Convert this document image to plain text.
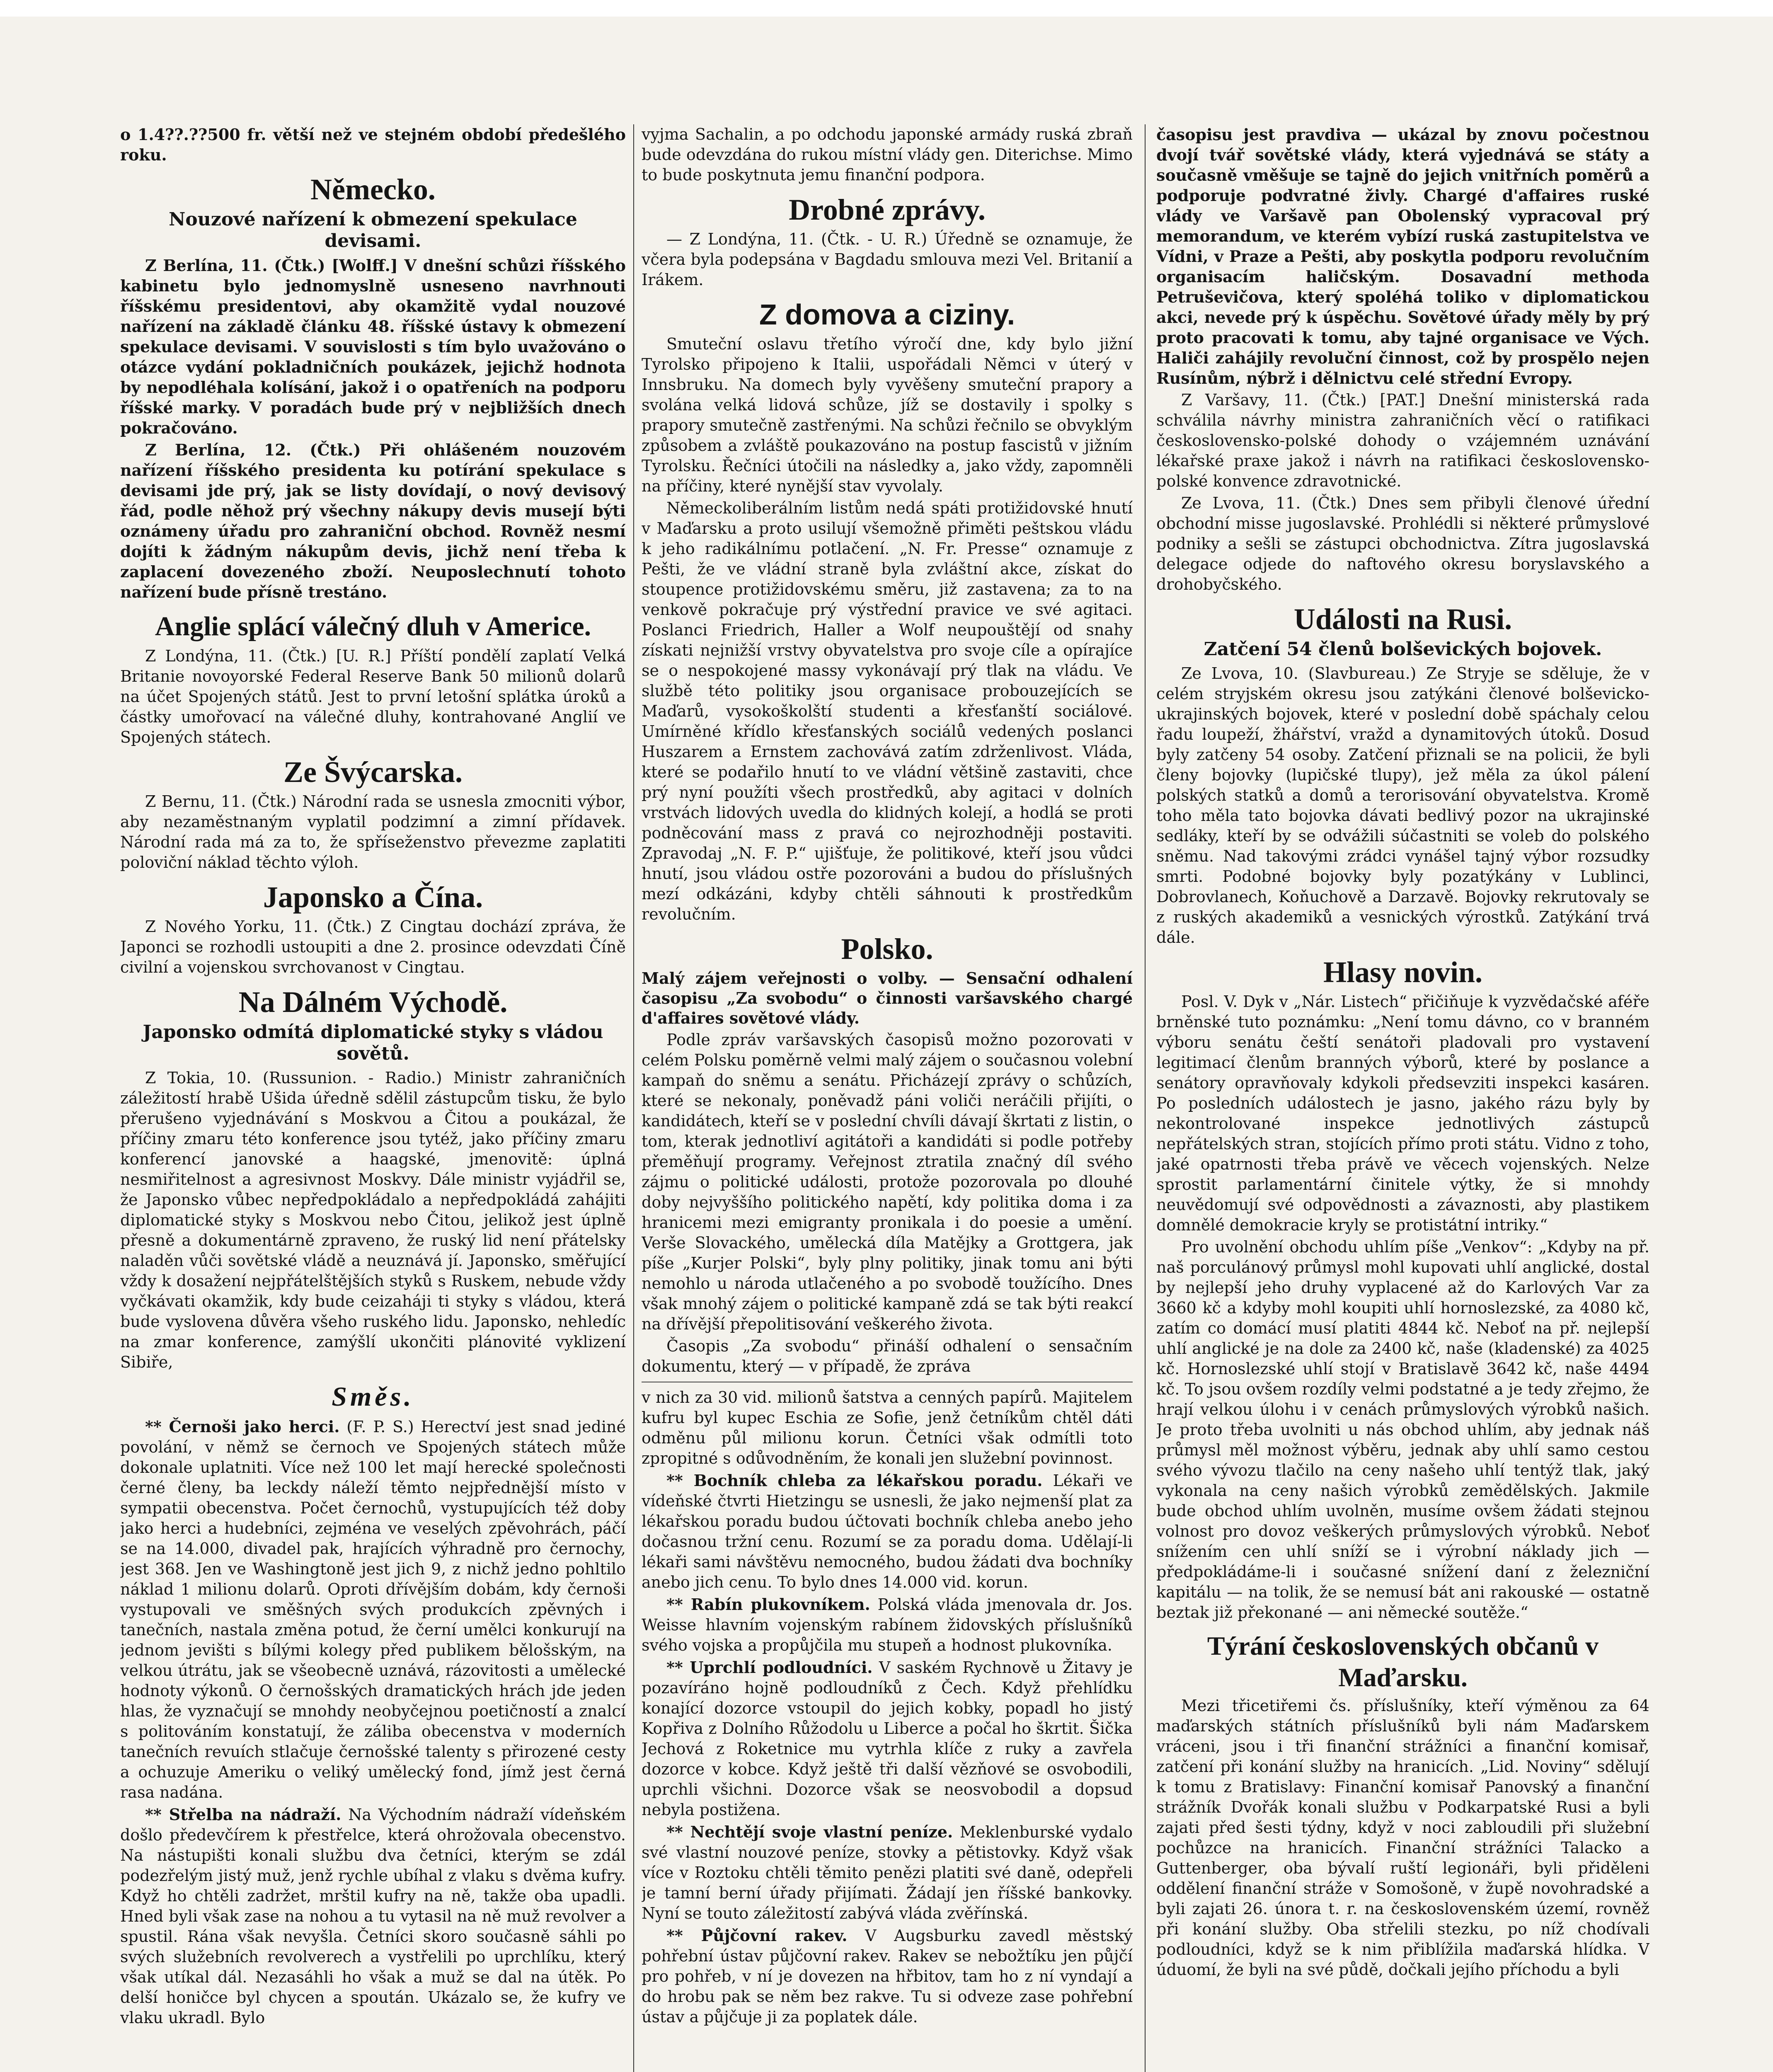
o 1.4??.??500 fr. větší než ve stejném období předešlého roku.

Německo.
Nouzové nařízení k obmezení spekulace devisami.

Z Berlína, 11. (Čtk.) [Wolff.] V dnešní schůzi říšského kabinetu bylo jednomyslně usneseno navrhnouti říšskému presidentovi, aby okamžitě vydal nouzové nařízení na základě článku 48. říšské ústavy k obmezení spekulace devisami. V souvislosti s tím bylo uvažováno o otázce vydání pokladničních poukázek, jejichž hodnota by nepodléhala kolísání, jakož i o opatřeních na podporu říšské marky. V poradách bude prý v nejbližších dnech pokračováno.

Z Berlína, 12. (Čtk.) Při ohlášeném nouzovém nařízení říšského presidenta ku potírání spekulace s devisami jde prý, jak se listy dovídají, o nový devisový řád, podle něhož prý všechny nákupy devis musejí býti oznámeny úřadu pro zahraniční obchod. Rovněž nesmí dojíti k žádným nákupům devis, jichž není třeba k zaplacení dovezeného zboží. Neuposlechnutí tohoto nařízení bude přísně trestáno.

Anglie splácí válečný dluh v Americe.

Z Londýna, 11. (Čtk.) [U. R.] Příští pondělí zaplatí Velká Britanie novoyorské Federal Reserve Bank 50 milionů dolarů na účet Spojených států. Jest to první letošní splátka úroků a částky umořovací na válečné dluhy, kontrahované Anglií ve Spojených státech.

Ze Švýcarska.

Z Bernu, 11. (Čtk.) Národní rada se usnesla zmocniti výbor, aby nezaměstnaným vyplatil podzimní a zimní přídavek. Národní rada má za to, že spříseženstvo převezme zaplatiti poloviční náklad těchto výloh.

Japonsko a Čína.

Z Nového Yorku, 11. (Čtk.) Z Cingtau dochází zpráva, že Japonci se rozhodli ustoupiti a dne 2. prosince odevzdati Číně civilní a vojenskou svrchovanost v Cingtau.

Na Dálném Východě.
Japonsko odmítá diplomatické styky s vládou sovětů.

Z Tokia, 10. (Russunion. - Radio.) Ministr zahraničních záležitostí hrabě Ušida úředně sdělil zástupcům tisku, že bylo přerušeno vyjednávání s Moskvou a Čitou a poukázal, že příčiny zmaru této konference jsou tytéž, jako příčiny zmaru konferencí janovské a haagské, jmenovitě: úplná nesmiřitelnost a agresivnost Moskvy. Dále ministr vyjádřil se, že Japonsko vůbec nepředpokládalo a nepředpokládá zahájiti diplomatické styky s Moskvou nebo Čitou, jelikož jest úplně přesně a dokumentárně zpraveno, že ruský lid není přátelsky naladěn vůči sovětské vládě a neuznává jí. Japonsko, směřující vždy k dosažení nejpřátelštějších styků s Ruskem, nebude vždy vyčkávati okamžik, kdy bude ceizaháji ti styky s vládou, která bude vyslovena důvěra všeho ruského lidu. Japonsko, nehledíc na zmar konference, zamýšlí ukončiti plánovité vyklizení Sibiře,

Směs.

** Černoši jako herci. (F. P. S.) Herectví jest snad jediné povolání, v němž se černoch ve Spojených státech může dokonale uplatniti. Více než 100 let mají herecké společnosti černé členy, ba leckdy náleží těmto nejpřednější místo v sympatii obecenstva. Počet černochů, vystupujících též doby jako herci a hudebníci, zejména ve veselých zpěvohrách, páčí se na 14.000, divadel pak, hrajících výhradně pro černochy, jest 368. Jen ve Washingtoně jest jich 9, z nichž jedno pohltilo náklad 1 milionu dolarů. Oproti dřívějším dobám, kdy černoši vystupovali ve směšných svých produkcích zpěvných i tanečních, nastala změna potud, že černí umělci konkurují na jednom jevišti s bílými kolegy před publikem bělošským, na velkou útrátu, jak se všeobecně uznává, rázovitosti a umělecké hodnoty výkonů. O černošských dramatických hrách jde jeden hlas, že vyznačují se mnohdy neobyčejnou poetičností a znalcí s politováním konstatují, že záliba obecenstva v moderních tanečních revuích stlačuje černošské talenty s přirozené cesty a ochuzuje Ameriku o veliký umělecký fond, jímž jest černá rasa nadána.

** Střelba na nádraží. Na Východním nádraží vídeňském došlo předevčírem k přestřelce, která ohrožovala obecenstvo. Na nástupišti konali službu dva četníci, kterým se zdál podezřelým jistý muž, jenž rychle ubíhal z vlaku s dvěma kufry. Když ho chtěli zadržet, mrštil kufry na ně, takže oba upadli. Hned byli však zase na nohou a tu vytasil na ně muž revolver a spustil. Rána však nevyšla. Četníci skoro současně sáhli po svých služebních revolverech a vystřelili po uprchlíku, který však utíkal dál. Nezasáhli ho však a muž se dal na útěk. Po delší honičce byl chycen a spoután. Ukázalo se, že kufry ve vlaku ukradl. Bylo

vyjma Sachalin, a po odchodu japonské armády ruská zbraň bude odevzdána do rukou místní vlády gen. Diterichse. Mimo to bude poskytnuta jemu finanční podpora.

Drobné zprávy.

— Z Londýna, 11. (Čtk. - U. R.) Úředně se oznamuje, že včera byla podepsána v Bagdadu smlouva mezi Vel. Britanií a Irákem.

Z domova a ciziny.

Smuteční oslavu třetího výročí dne, kdy bylo jižní Tyrolsko připojeno k Italii, uspořádali Němci v úterý v Innsbruku. Na domech byly vyvěšeny smuteční prapory a svolána velká lidová schůze, jíž se dostavily i spolky s prapory smutečně zastřenými. Na schůzi řečnilo se obvyklým způsobem a zvláště poukazováno na postup fascistů v jižním Tyrolsku. Řečníci útočili na následky a, jako vždy, zapomněli na příčiny, které nynější stav vyvolaly.

Německoliberálním listům nedá spáti protižidovské hnutí v Maďarsku a proto usilují všemožně přiměti peštskou vládu k jeho radikálnímu potlačení. „N. Fr. Presse“ oznamuje z Pešti, že ve vládní straně byla zvláštní akce, získat do stoupence protižidovskému směru, již zastavena; za to na venkově pokračuje prý výstřední pravice ve své agitaci. Poslanci Friedrich, Haller a Wolf neupouštějí od snahy získati nejnižší vrstvy obyvatelstva pro svoje cíle a opírajíce se o nespokojené massy vykonávají prý tlak na vládu. Ve službě této politiky jsou organisace probouzejících se Maďarů, vysokoškolští studenti a křesťanští sociálové. Umírněné křídlo křesťanských sociálů vedených poslanci Huszarem a Ernstem zachovává zatím zdrženlivost. Vláda, které se podařilo hnutí to ve vládní většině zastaviti, chce prý nyní použíti všech prostředků, aby agitaci v dolních vrstvách lidových uvedla do klidných kolejí, a hodlá se proti podněcování mass z pravá co nejrozhodněji postaviti. Zpravodaj „N. F. P.“ ujišťuje, že politikové, kteří jsou vůdci hnutí, jsou vládou ostře pozorováni a budou do příslušných mezí odkázáni, kdyby chtěli sáhnouti k prostředkům revolučním.

Polsko.
Malý zájem veřejnosti o volby. — Sensační odhalení časopisu „Za svobodu“ o činnosti varšavského chargé d'affaires sovětové vlády.

Podle zpráv varšavských časopisů možno pozorovati v celém Polsku poměrně velmi malý zájem o současnou volební kampaň do sněmu a senátu. Přicházejí zprávy o schůzích, které se nekonaly, poněvadž páni voliči neráčili přijíti, o kandidátech, kteří se v poslední chvíli dávají škrtati z listin, o tom, kterak jednotliví agitátoři a kandidáti si podle potřeby přeměňují programy. Veřejnost ztratila značný díl svého zájmu o politické události, protože pozorovala po dlouhé doby nejvyššího politického napětí, kdy politika doma i za hranicemi mezi emigranty pronikala i do poesie a umění. Verše Slovackého, umělecká díla Matějky a Grottgera, jak píše „Kurjer Polski“, byly plny politiky, jinak tomu ani býti nemohlo u národa utlačeného a po svobodě toužícího. Dnes však mnohý zájem o politické kampaně zdá se tak býti reakcí na dřívější přepolitisování veškerého života.

Časopis „Za svobodu“ přináší odhalení o sensačním dokumentu, který — v případě, že zpráva

v nich za 30 vid. milionů šatstva a cenných papírů. Majitelem kufru byl kupec Eschia ze Sofie, jenž četníkům chtěl dáti odměnu půl milionu korun. Četníci však odmítli toto zpropitné s odůvodněním, že konali jen služební povinnost.

** Bochník chleba za lékařskou poradu. Lékaři ve vídeňské čtvrti Hietzingu se usnesli, že jako nejmenší plat za lékařskou poradu budou účtovati bochník chleba anebo jeho dočasnou tržní cenu. Rozumí se za poradu doma. Udělají-li lékaři sami návštěvu nemocného, budou žádati dva bochníky anebo jich cenu. To bylo dnes 14.000 vid. korun.

** Rabín plukovníkem. Polská vláda jmenovala dr. Jos. Weisse hlavním vojenským rabínem židovských příslušníků svého vojska a propůjčila mu stupeň a hodnost plukovníka.

** Uprchlí podloudníci. V saském Rychnově u Žitavy je pozavíráno hojně podloudníků z Čech. Když přehlídku konající dozorce vstoupil do jejich kobky, popadl ho jistý Kopřiva z Dolního Růžodolu u Liberce a počal ho škrtit. Šička Jechová z Roketnice mu vytrhla klíče z ruky a zavřela dozorce v kobce. Když ještě tři další vězňové se osvobodili, uprchli všichni. Dozorce však se neosvobodil a dopsud nebyla postižena.

** Nechtějí svoje vlastní peníze. Meklenburské vydalo své vlastní nouzové peníze, stovky a pětistovky. Když však více v Roztoku chtěli těmito penězi platiti své daně, odepřeli je tamní berní úřady přijímati. Žádají jen říšské bankovky. Nyní se touto záležitostí zabývá vláda zvěřínská.

** Půjčovní rakev. V Augsburku zavedl městský pohřební ústav půjčovní rakev. Rakev se nebožtíku jen půjčí pro pohřeb, v ní je dovezen na hřbitov, tam ho z ní vyndají a do hrobu pak se něm bez rakve. Tu si odveze zase pohřební ústav a půjčuje ji za poplatek dále.

časopisu jest pravdiva — ukázal by znovu počestnou dvojí tvář sovětské vlády, která vyjednává se státy a současně vměšuje se tajně do jejich vnitřních poměrů a podporuje podvratné živly. Chargé d'affaires ruské vlády ve Varšavě pan Obolenský vypracoval prý memorandum, ve kterém vybízí ruská zastupitelstva ve Vídni, v Praze a Pešti, aby poskytla podporu revolučním organisacím haličským. Dosavadní methoda Petruševičova, který spoléhá toliko v diplomatickou akci, nevede prý k úspěchu. Sovětové úřady měly by prý proto pracovati k tomu, aby tajné organisace ve Vých. Haliči zahájily revoluční činnost, což by prospělo nejen Rusínům, nýbrž i dělnictvu celé střední Evropy.

Z Varšavy, 11. (Čtk.) [PAT.] Dnešní ministerská rada schválila návrhy ministra zahraničních věcí o ratifikaci československo-polské dohody o vzájemném uznávání lékařské praxe jakož i návrh na ratifikaci československo-polské konvence zdravotnické.

Ze Lvova, 11. (Čtk.) Dnes sem přibyli členové úřední obchodní misse jugoslavské. Prohlédli si některé průmyslové podniky a sešli se zástupci obchodnictva. Zítra jugoslavská delegace odjede do naftového okresu boryslavského a drohobyčského.

Události na Rusi.
Zatčení 54 členů bolševických bojovek.

Ze Lvova, 10. (Slavbureau.) Ze Stryje se sděluje, že v celém stryjském okresu jsou zatýkáni členové bolševicko-ukrajinských bojovek, které v poslední době spáchaly celou řadu loupeží, žhářství, vražd a dynamitových útoků. Dosud byly zatčeny 54 osoby. Zatčení přiznali se na policii, že byli členy bojovky (lupičské tlupy), jež měla za úkol pálení polských statků a domů a terorisování obyvatelstva. Kromě toho měla tato bojovka dávati bedlivý pozor na ukrajinské sedláky, kteří by se odvážili súčastniti se voleb do polského sněmu. Nad takovými zrádci vynášel tajný výbor rozsudky smrti. Podobné bojovky byly pozatýkány v Lublinci, Dobrovlanech, Koňuchově a Darzavě. Bojovky rekrutovaly se z ruských akademiků a vesnických výrostků. Zatýkání trvá dále.

Hlasy novin.

Posl. V. Dyk v „Nár. Listech“ přičiňuje k vyzvědačské aféře brněnské tuto poznámku: „Není tomu dávno, co v branném výboru senátu čeští senátoři pladovali pro vystavení legitimací členům branných výborů, které by poslance a senátory opravňovaly kdykoli předsevziti inspekci kasáren. Po posledních událostech je jasno, jakého rázu byly by nekontrolované inspekce jednotlivých zástupců nepřátelských stran, stojících přímo proti státu. Vidno z toho, jaké opatrnosti třeba právě ve věcech vojenských. Nelze sprostit parlamentární činitele výtky, že si mnohdy neuvědomují své odpovědnosti a závaznosti, aby plastikem domnělé demokracie kryly se protistátní intriky.“

Pro uvolnění obchodu uhlím píše „Venkov“: „Kdyby na př. naš porculánový průmysl mohl kupovati uhlí anglické, dostal by nejlepší jeho druhy vyplacené až do Karlových Var za 3660 kč a kdyby mohl koupiti uhlí hornoslezské, za 4080 kč, zatím co domácí musí platiti 4844 kč. Neboť na př. nejlepší uhlí anglické je na dole za 2400 kč, naše (kladenské) za 4025 kč. Hornoslezské uhlí stojí v Bratislavě 3642 kč, naše 4494 kč. To jsou ovšem rozdíly velmi podstatné a je tedy zřejmo, že hrají velkou úlohu i v cenách průmyslových výrobků našich. Je proto třeba uvolniti u nás obchod uhlím, aby jednak náš průmysl měl možnost výběru, jednak aby uhlí samo cestou svého vývozu tlačilo na ceny našeho uhlí tentýž tlak, jaký vykonala na ceny našich výrobků zemědělských. Jakmile bude obchod uhlím uvolněn, musíme ovšem žádati stejnou volnost pro dovoz veškerých průmyslových výrobků. Neboť snížením cen uhlí sníží se i výrobní náklady jich — předpokládáme-li i současné snížení daní z železniční kapitálu — na tolik, že se nemusí bát ani rakouské — ostatně beztak již překonané — ani německé soutěže.“

Týrání československých občanů v Maďarsku.

Mezi třicetiřemi čs. příslušníky, kteří výměnou za 64 maďarských státních příslušníků byli nám Maďarskem vráceni, jsou i tři finanční strážníci a finanční komisař, zatčení při konání služby na hranicích. „Lid. Noviny“ sdělují k tomu z Bratislavy: Finanční komisař Panovský a finanční strážník Dvořák konali službu v Podkarpatské Rusi a byli zajati před šesti týdny, když v noci zabloudili při služební pochůzce na hranicích. Finanční strážníci Talacko a Guttenberger, oba bývalí ruští legionáři, byli přiděleni oddělení finanční stráže v Somošoně, v župě novohradské a byli zajati 26. února t. r. na československém území, rovněž při konání služby. Oba střelili stezku, po níž chodívali podloudníci, když se k nim přiblížila maďarská hlídka. V úduomí, že byli na své půdě, dočkali jejího příchodu a byli
